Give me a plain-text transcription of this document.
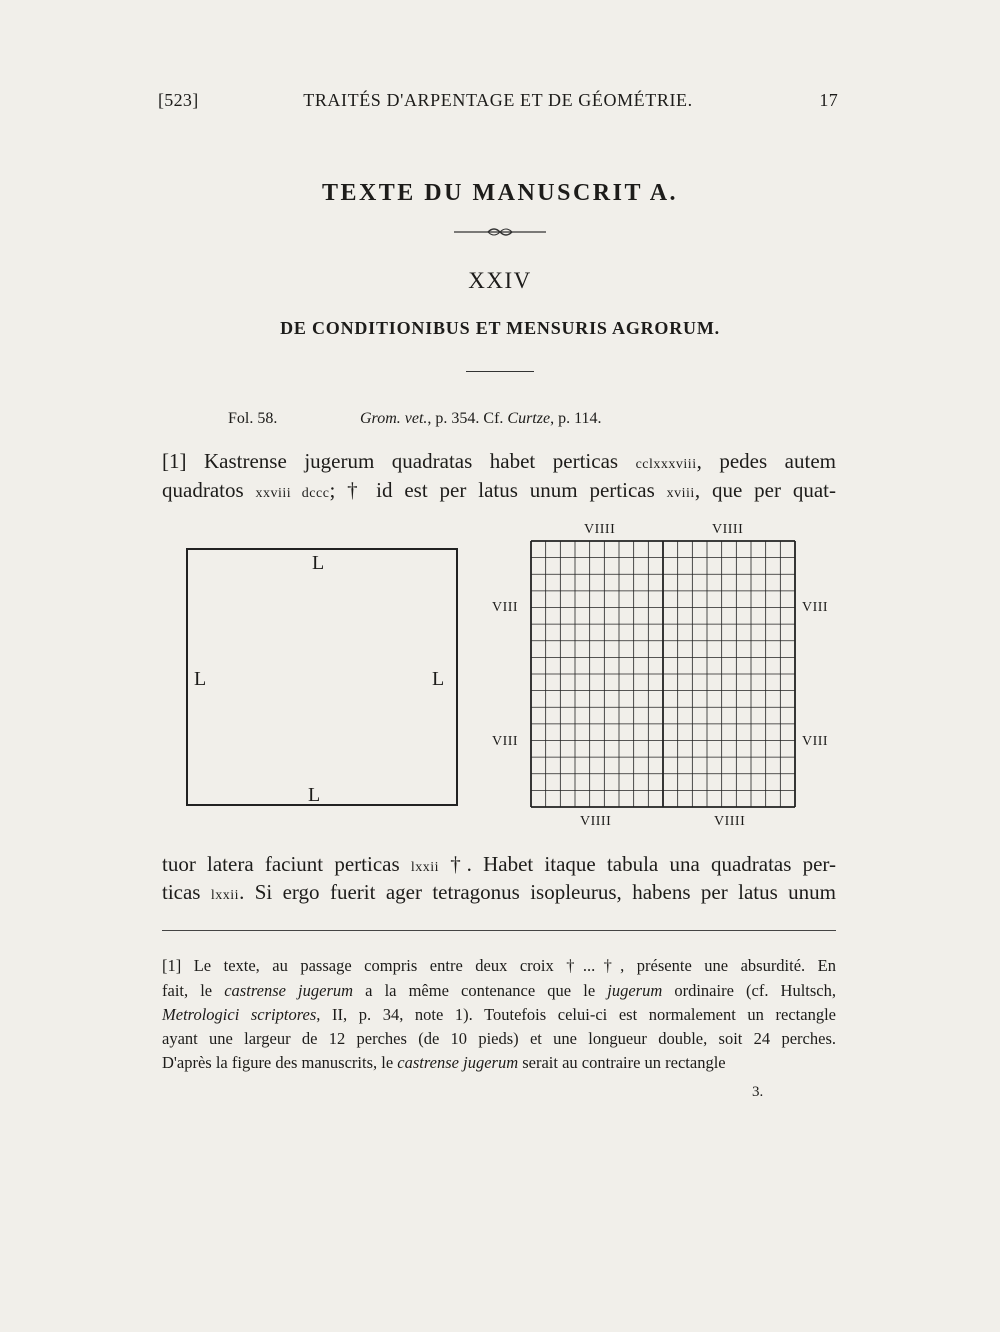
[523]	TRAITÉS D'ARPENTAGE ET DE GÉOMÉTRIE.	17
TEXTE DU MANUSCRIT A.
XXIV
DE CONDITIONIBUS ET MENSURIS AGRORUM.
Fol. 58.	Grom. vet., p. 354. Cf. Curtze, p. 114.
[1] Kastrense jugerum quadratas habet perticas cclxxxviii, pedes autem
quadratos xxviii dccc; † id est per latus unum perticas xviii, que per quat-
L
L	L
L
VIIII	VIIII
VIII
VIII
VIII
VIII
VIIII	VIIII
tuor latera faciunt perticas lxxii †. Habet itaque tabula una quadratas per-
ticas lxxii. Si ergo fuerit ager tetragonus isopleurus, habens per latus unum
[1] Le texte, au passage compris entre deux croix †...†, présente une absurdité. En
fait, le castrense jugerum a la même contenance que le jugerum ordinaire (cf. Hultsch,
Metrologici scriptores, II, p. 34, note 1). Toutefois celui-ci est normalement un rectangle
ayant une largeur de 12 perches (de 10 pieds) et une longueur double, soit 24 perches.
D'après la figure des manuscrits, le castrense jugerum serait au contraire un rectangle
3.
